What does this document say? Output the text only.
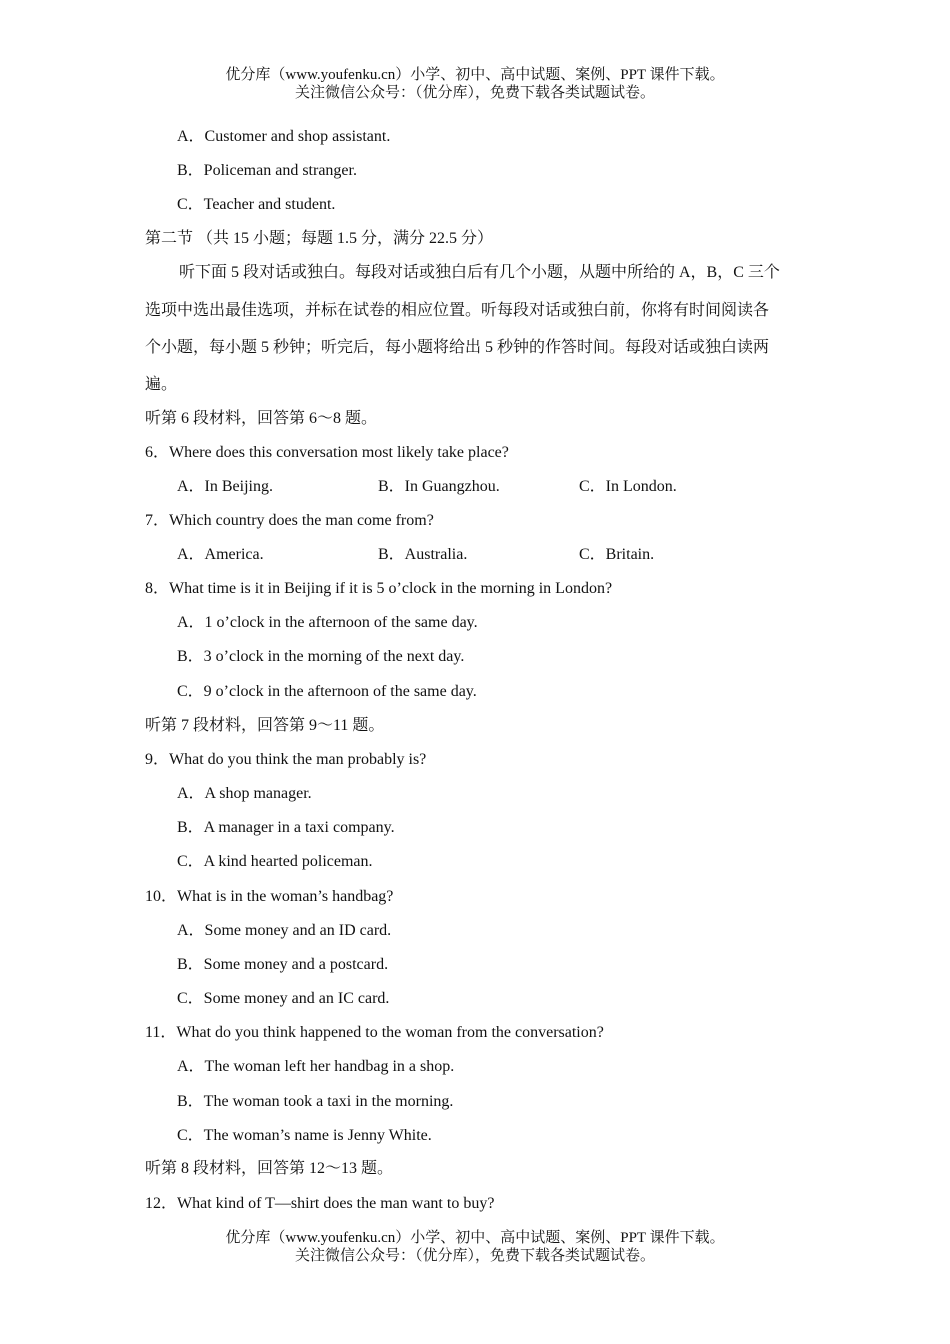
优分库（www.youfenku.cn）小学、初中、高中试题、案例、PPT 课件下载。
关注微信公众号：（优分库），免费下载各类试题试卷。
A．Customer and shop assistant.
B．Policeman and stranger.
C．Teacher and student.
第二节 （共 15 小题；每题 1.5 分，满分 22.5 分）
听下面 5 段对话或独白。每段对话或独白后有几个小题，从题中所给的 A，B，C 三个
选项中选出最佳选项，并标在试卷的相应位置。听每段对话或独白前，你将有时间阅读各
个小题，每小题 5 秒钟；听完后，每小题将给出 5 秒钟的作答时间。每段对话或独白读两
遍。
听第 6 段材料，回答第 6～8 题。
6．Where does this conversation most likely take place?
A．In Beijing.	B．In Guangzhou.	C．In London.
7．Which country does the man come from?
A．America.	B．Australia.	C．Britain.
8．What time is it in Beijing if it is 5 o’clock in the morning in London?
A．1 o’clock in the afternoon of the same day.
B．3 o’clock in the morning of the next day.
C．9 o’clock in the afternoon of the same day.
听第 7 段材料，回答第 9～11 题。
9．What do you think the man probably is?
A．A shop manager.
B．A manager in a taxi company.
C．A kind hearted policeman.
10．What is in the woman’s handbag?
A．Some money and an ID card.
B．Some money and a postcard.
C．Some money and an IC card.
11．What do you think happened to the woman from the conversation?
A．The woman left her handbag in a shop.
B．The woman took a taxi in the morning.
C．The woman’s name is Jenny White.
听第 8 段材料，回答第 12～13 题。
12．What kind of T—shirt does the man want to buy?
优分库（www.youfenku.cn）小学、初中、高中试题、案例、PPT 课件下载。
关注微信公众号：（优分库），免费下载各类试题试卷。
